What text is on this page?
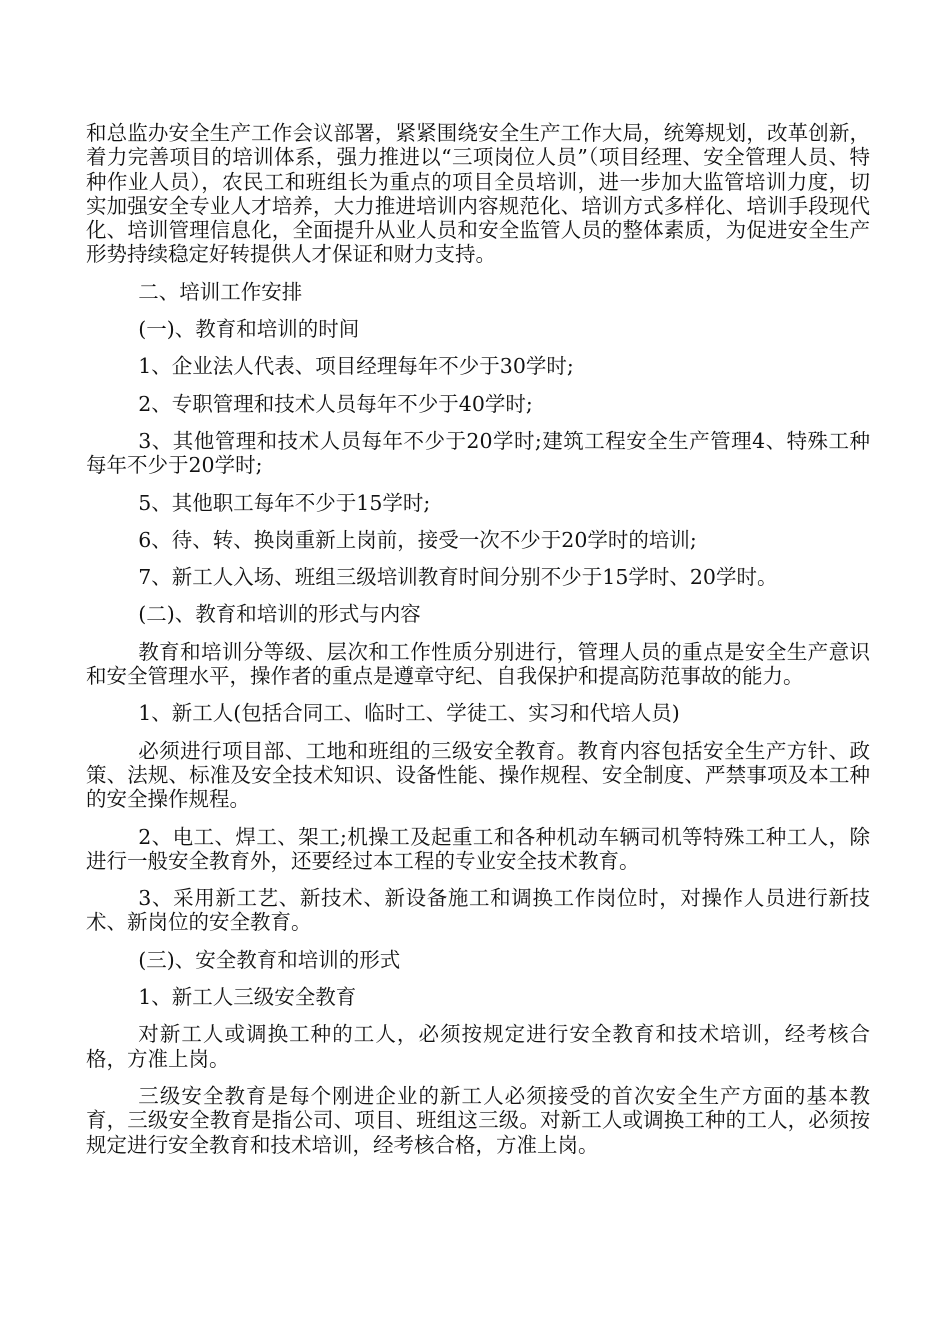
和总监办安全生产工作会议部署，紧紧围绕安全生产工作大局，统筹规划，改革创新，着力完善项目的培训体系，强力推进以“三项岗位人员”（项目经理、安全管理人员、特种作业人员），农民工和班组长为重点的项目全员培训，进一步加大监管培训力度，切实加强安全专业人才培养，大力推进培训内容规范化、培训方式多样化、培训手段现代化、培训管理信息化，全面提升从业人员和安全监管人员的整体素质，为促进安全生产形势持续稳定好转提供人才保证和财力支持。

二、培训工作安排

(一)、教育和培训的时间

1、企业法人代表、项目经理每年不少于30学时;

2、专职管理和技术人员每年不少于40学时;

3、其他管理和技术人员每年不少于20学时;建筑工程安全生产管理4、特殊工种每年不少于20学时;

5、其他职工每年不少于15学时;

6、待、转、换岗重新上岗前，接受一次不少于20学时的培训;

7、新工人入场、班组三级培训教育时间分别不少于15学时、20学时。

(二)、教育和培训的形式与内容

教育和培训分等级、层次和工作性质分别进行，管理人员的重点是安全生产意识和安全管理水平，操作者的重点是遵章守纪、自我保护和提高防范事故的能力。

1、新工人(包括合同工、临时工、学徒工、实习和代培人员)

必须进行项目部、工地和班组的三级安全教育。教育内容包括安全生产方针、政策、法规、标准及安全技术知识、设备性能、操作规程、安全制度、严禁事项及本工种的安全操作规程。

2、电工、焊工、架工;机操工及起重工和各种机动车辆司机等特殊工种工人，除进行一般安全教育外，还要经过本工程的专业安全技术教育。

3、采用新工艺、新技术、新设备施工和调换工作岗位时，对操作人员进行新技术、新岗位的安全教育。

(三)、安全教育和培训的形式

1、新工人三级安全教育

对新工人或调换工种的工人，必须按规定进行安全教育和技术培训，经考核合格，方准上岗。

三级安全教育是每个刚进企业的新工人必须接受的首次安全生产方面的基本教育，三级安全教育是指公司、项目、班组这三级。对新工人或调换工种的工人，必须按规定进行安全教育和技术培训，经考核合格，方准上岗。
